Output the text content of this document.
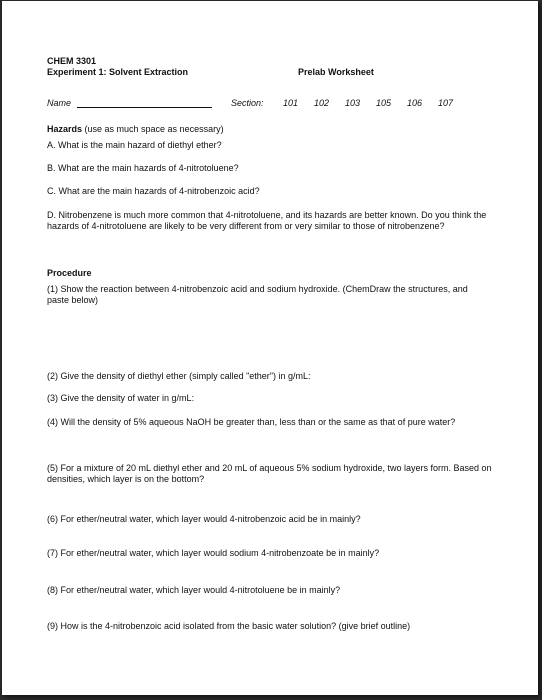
CHEM 3301
Experiment 1: Solvent Extraction	Prelab Worksheet
Name	Section: 101 102 103 105 106 107
Hazards (use as much space as necessary)
A. What is the main hazard of diethyl ether?
B. What are the main hazards of 4-nitrotoluene?
C. What are the main hazards of 4-nitrobenzoic acid?
D. Nitrobenzene is much more common that 4-nitrotoluene, and its hazards are better known. Do you think the hazards of 4-nitrotoluene are likely to be very different from or very similar to those of nitrobenzene?
Procedure
(1) Show the reaction between 4-nitrobenzoic acid and sodium hydroxide. (ChemDraw the structures, and paste below)
(2) Give the density of diethyl ether (simply called "ether") in g/mL:
(3) Give the density of water in g/mL:
(4) Will the density of 5% aqueous NaOH be greater than, less than or the same as that of pure water?
(5) For a mixture of 20 mL diethyl ether and 20 mL of aqueous 5% sodium hydroxide, two layers form. Based on densities, which layer is on the bottom?
(6) For ether/neutral water, which layer would 4-nitrobenzoic acid be in mainly?
(7) For ether/neutral water, which layer would sodium 4-nitrobenzoate be in mainly?
(8) For ether/neutral water, which layer would 4-nitrotoluene be in mainly?
(9) How is the 4-nitrobenzoic acid isolated from the basic water solution? (give brief outline)
